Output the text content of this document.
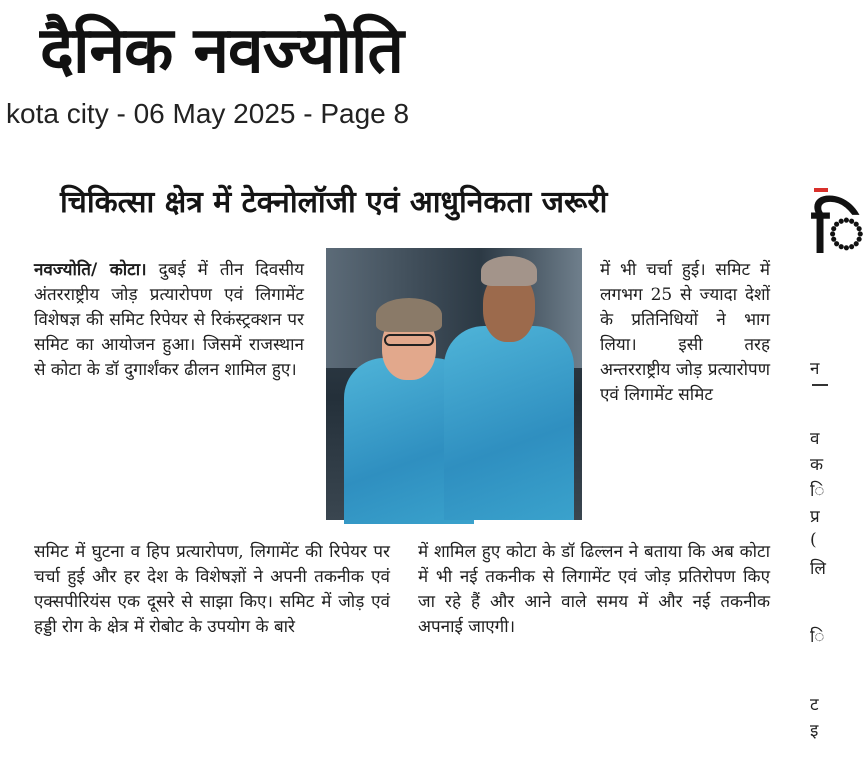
दैनिक नवज्योति
kota city - 06 May 2025 - Page 8
चिकित्सा क्षेत्र में टेक्नोलॉजी एवं आधुनिकता जरूरी

नवज्योति/ कोटा। दुबई में तीन दिवसीय अंतरराष्ट्रीय जोड़ प्रत्यारोपण एवं लिगामेंट विशेषज्ञ की समिट रिपेयर से रिकंस्ट्रक्शन पर समिट का आयोजन हुआ। जिसमें राजस्थान से कोटा के डॉ दुगार्शंकर ढीलन शामिल हुए।

में भी चर्चा हुई। समिट में लगभग 25 से ज्यादा देशों के प्रतिनिधियों ने भाग लिया। इसी तरह अन्तरराष्ट्रीय जोड़ प्रत्यारोपण एवं लिगामेंट समिट

समिट में घुटना व हिप प्रत्यारोपण, लिगामेंट की रिपेयर पर चर्चा हुई और हर देश के विशेषज्ञों ने अपनी तकनीक एवं एक्सपीरियंस एक दूसरे से साझा किए। समिट में जोड़ एवं हड्डी रोग के क्षेत्र में रोबोट के उपयोग के बारे

में शामिल हुए कोटा के डॉ ढिल्लन ने बताया कि अब कोटा में भी नई तकनीक से लिगामेंट एवं जोड़ प्रतिरोपण किए जा रहे हैं और आने वाले समय में और नई तकनीक अपनाई जाएगी।

ि
न
व
क
ि
प्र
(
लि
ि
ट
इ
